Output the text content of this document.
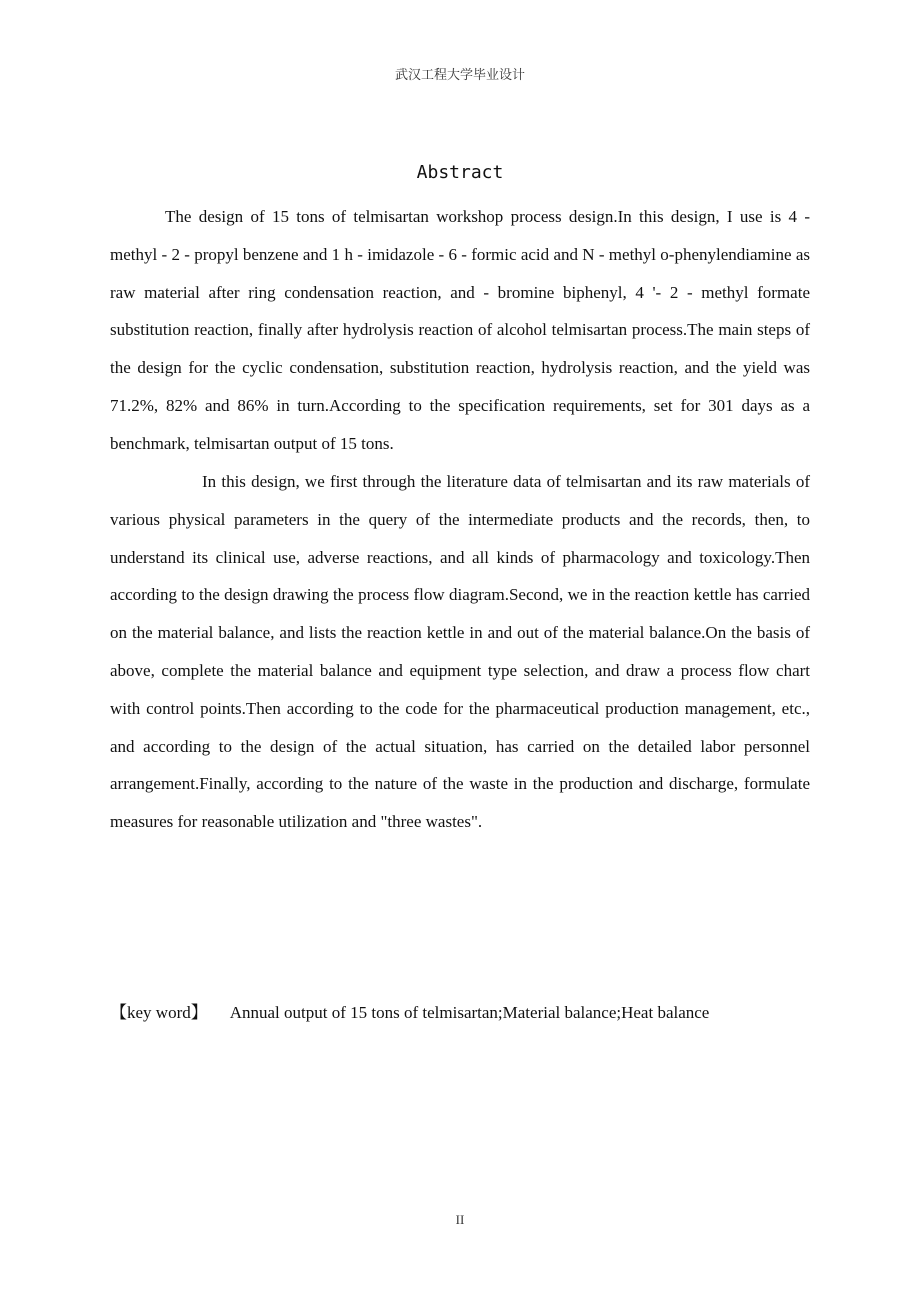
武汉工程大学毕业设计
Abstract

The design of 15 tons of telmisartan workshop process design.In this design, I use is 4 - methyl - 2 - propyl benzene and 1 h - imidazole - 6 - formic acid and N - methyl o-phenylendiamine as raw material after ring condensation reaction, and - bromine biphenyl, 4 '- 2 - methyl formate substitution reaction, finally after hydrolysis reaction of alcohol telmisartan process.The main steps of the design for the cyclic condensation, substitution reaction, hydrolysis reaction, and the yield was 71.2%, 82% and 86% in turn.According to the specification requirements, set for 301 days as a benchmark, telmisartan output of 15 tons.

In this design, we first through the literature data of telmisartan and its raw materials of various physical parameters in the query of the intermediate products and the records, then, to understand its clinical use, adverse reactions, and all kinds of pharmacology and toxicology.Then according to the design drawing the process flow diagram.Second, we in the reaction kettle has carried on the material balance, and lists the reaction kettle in and out of the material balance.On the basis of above, complete the material balance and equipment type selection, and draw a process flow chart with control points.Then according to the code for the pharmaceutical production management, etc., and according to the design of the actual situation, has carried on the detailed labor personnel arrangement.Finally, according to the nature of the waste in the production and discharge, formulate measures for reasonable utilization and "three wastes".

【key word】 Annual output of 15 tons of telmisartan;Material balance;Heat balance
II
